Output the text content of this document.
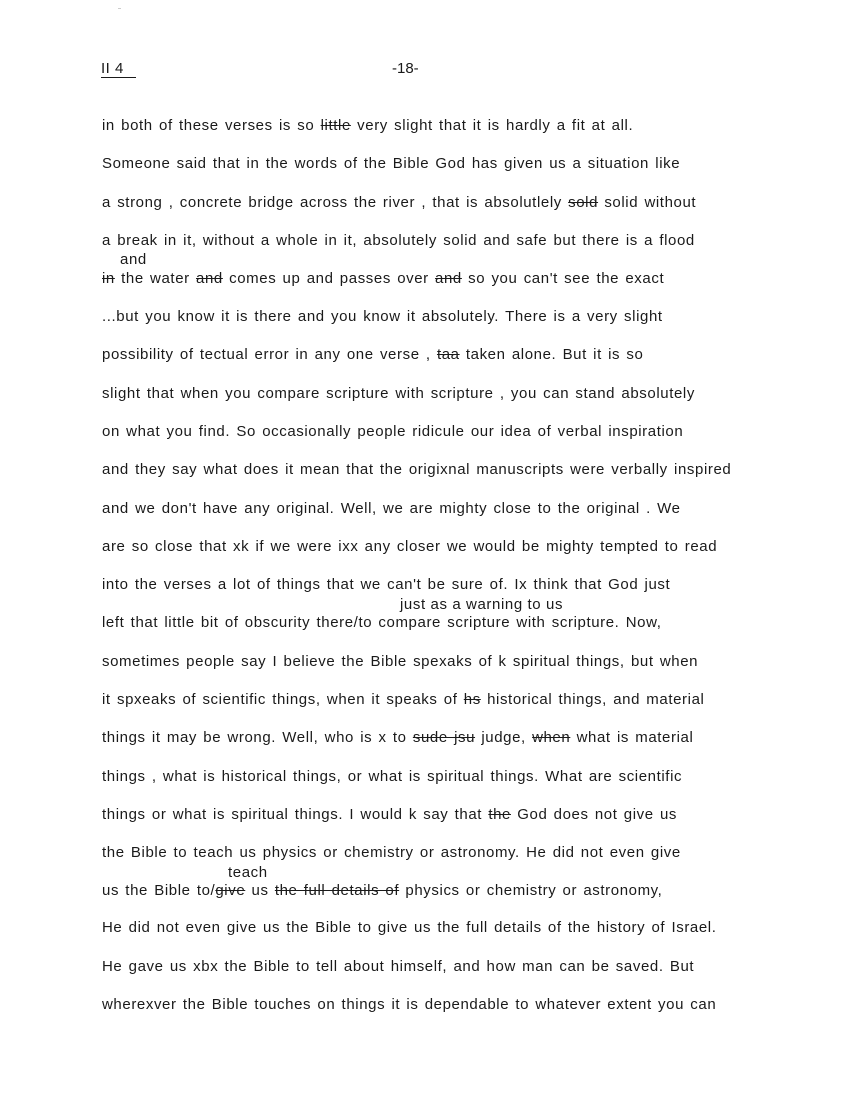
II 4	-18-
in both of these verses is so little very slight that it is hardly a fit at all.
Someone said that in the words of the Bible God has given us a situation like
a strong , concrete bridge across the river , that is absolutlely sold solid without
a break in it, without a whole in it, absolutely solid and safe but there is a flood
in the water and comes up and passes over and so you can't see the exact
...but you know it is there and you know it absolutely. There is a very slight
possibility of tectual error in any one verse , taa taken alone. But it is so
slight that when you compare scripture with scripture , you can stand absolutely
on what you find. So occasionally people ridicule our idea of verbal inspiration
and they say what does it mean that the origixnal manuscripts were verbally inspired
and we don't have any original. Well, we are mighty close to the original . We
are so close that xk if we were ixx any closer we would be mighty tempted to read
into the verses a lot of things that we can't be sure of. Ix think that God just
left that little bit of obscurity there/to compare scripture with scripture. Now,
sometimes people say I believe the Bible spexaks of k spiritual things, but when
it spxeaks of scientific things, when it speaks of hs historical things, and material
things it may be wrong. Well, who is x to sude jsu judge, when what is material
things , what is historical things, or what is spiritual things. What are scientific
things or what is spiritual things. I would k say that the God does not give us
the Bible to teach us physics or chemistry or astronomy. He did not even give
us the Bible to/give us the full details of physics or chemistry or astronomy,
He did not even give us the Bible to give us the full details of the history of Israel.
He gave us xbx the Bible to tell about himself, and how man can be saved. But
wherexver the Bible touches on things it is dependable to whatever extent you can
and
just as a warning to us
teach
